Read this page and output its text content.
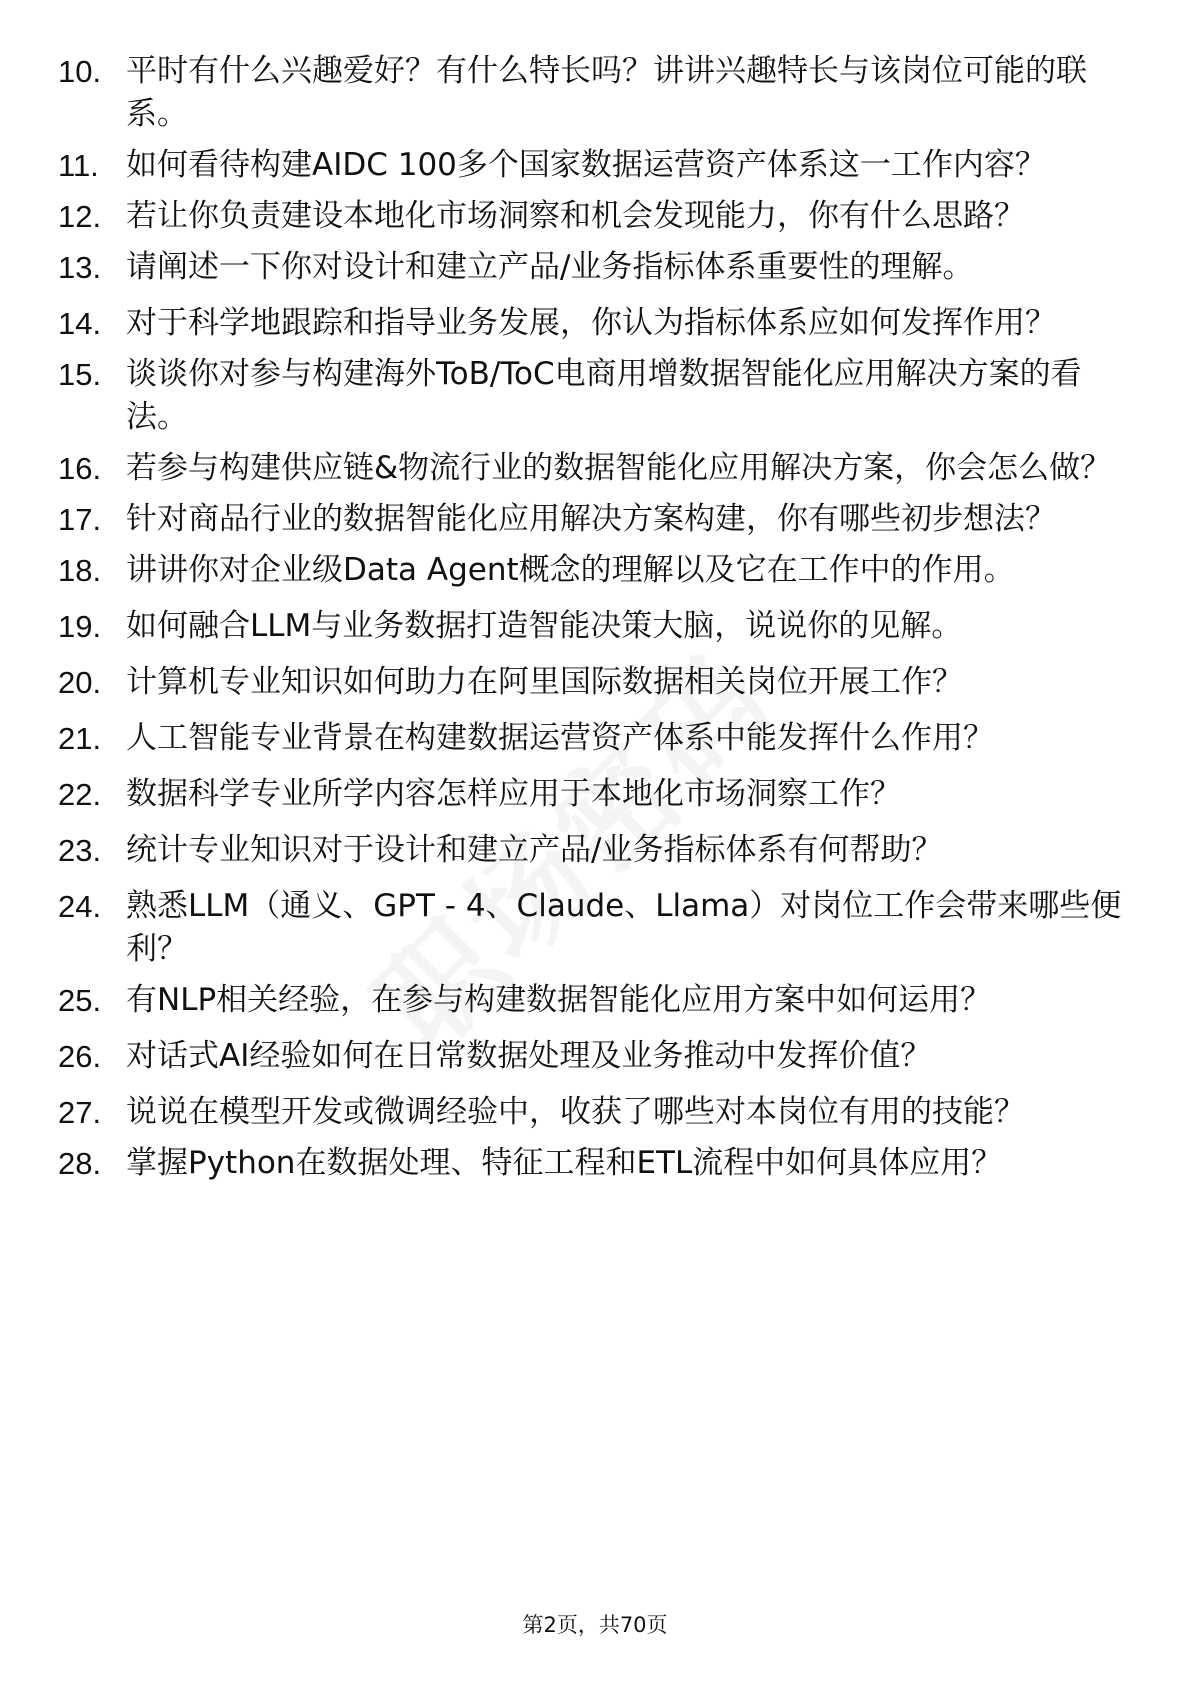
10. 平时有什么兴趣爱好？有什么特长吗？讲讲兴趣特长与该岗位可能的联系。
11. 如何看待构建AIDC 100多个国家数据运营资产体系这一工作内容？
12. 若让你负责建设本地化市场洞察和机会发现能力，你有什么思路？
13. 请阐述一下你对设计和建立产品/业务指标体系重要性的理解。
14. 对于科学地跟踪和指导业务发展，你认为指标体系应如何发挥作用？
15. 谈谈你对参与构建海外ToB/ToC电商用增数据智能化应用解决方案的看法。
16. 若参与构建供应链&物流行业的数据智能化应用解决方案，你会怎么做？
17. 针对商品行业的数据智能化应用解决方案构建，你有哪些初步想法？
18. 讲讲你对企业级Data Agent概念的理解以及它在工作中的作用。
19. 如何融合LLM与业务数据打造智能决策大脑，说说你的见解。
20. 计算机专业知识如何助力在阿里国际数据相关岗位开展工作？
21. 人工智能专业背景在构建数据运营资产体系中能发挥什么作用？
22. 数据科学专业所学内容怎样应用于本地化市场洞察工作？
23. 统计专业知识对于设计和建立产品/业务指标体系有何帮助？
24. 熟悉LLM（通义、GPT - 4、Claude、Llama）对岗位工作会带来哪些便利？
25. 有NLP相关经验，在参与构建数据智能化应用方案中如何运用？
26. 对话式AI经验如何在日常数据处理及业务推动中发挥价值？
27. 说说在模型开发或微调经验中，收获了哪些对本岗位有用的技能？
28. 掌握Python在数据处理、特征工程和ETL流程中如何具体应用？
第2页，共70页
